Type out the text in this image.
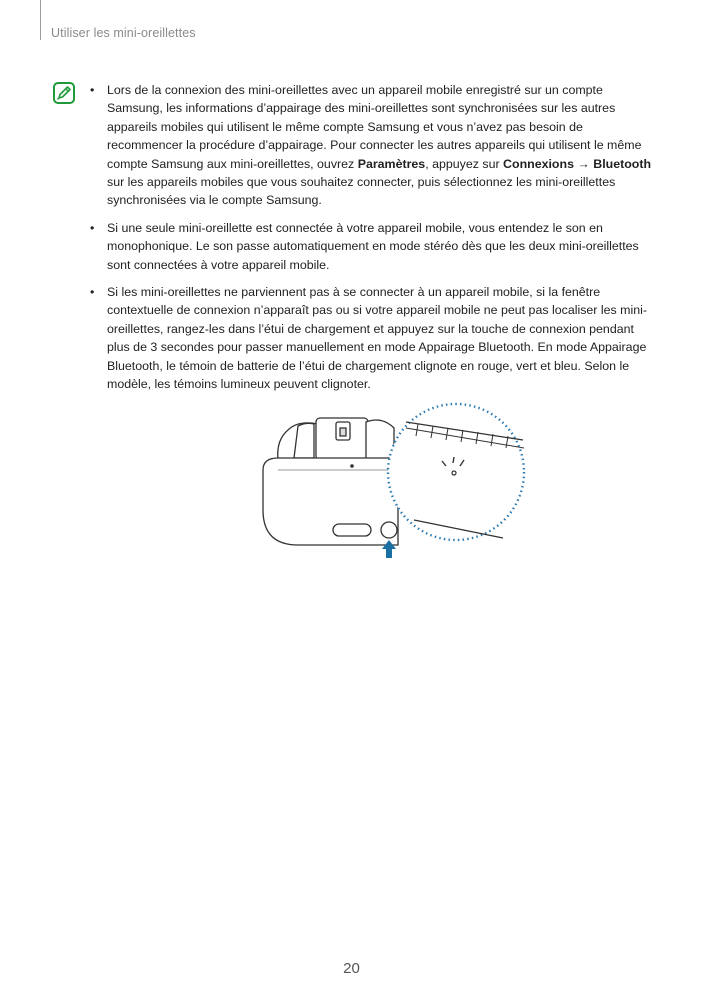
Utiliser les mini-oreillettes
• Lors de la connexion des mini-oreillettes avec un appareil mobile enregistré sur un compte Samsung, les informations d’appairage des mini-oreillettes sont synchronisées sur les autres appareils mobiles qui utilisent le même compte Samsung et vous n’avez pas besoin de recommencer la procédure d’appairage. Pour connecter les autres appareils qui utilisent le même compte Samsung aux mini-oreillettes, ouvrez Paramètres, appuyez sur Connexions → Bluetooth sur les appareils mobiles que vous souhaitez connecter, puis sélectionnez les mini-oreillettes synchronisées via le compte Samsung.
• Si une seule mini-oreillette est connectée à votre appareil mobile, vous entendez le son en monophonique. Le son passe automatiquement en mode stéréo dès que les deux mini-oreillettes sont connectées à votre appareil mobile.
• Si les mini-oreillettes ne parviennent pas à se connecter à un appareil mobile, si la fenêtre contextuelle de connexion n’apparaît pas ou si votre appareil mobile ne peut pas localiser les mini-oreillettes, rangez-les dans l’étui de chargement et appuyez sur la touche de connexion pendant plus de 3 secondes pour passer manuellement en mode Appairage Bluetooth. En mode Appairage Bluetooth, le témoin de batterie de l’étui de chargement clignote en rouge, vert et bleu. Selon le modèle, les témoins lumineux peuvent clignoter.
20
